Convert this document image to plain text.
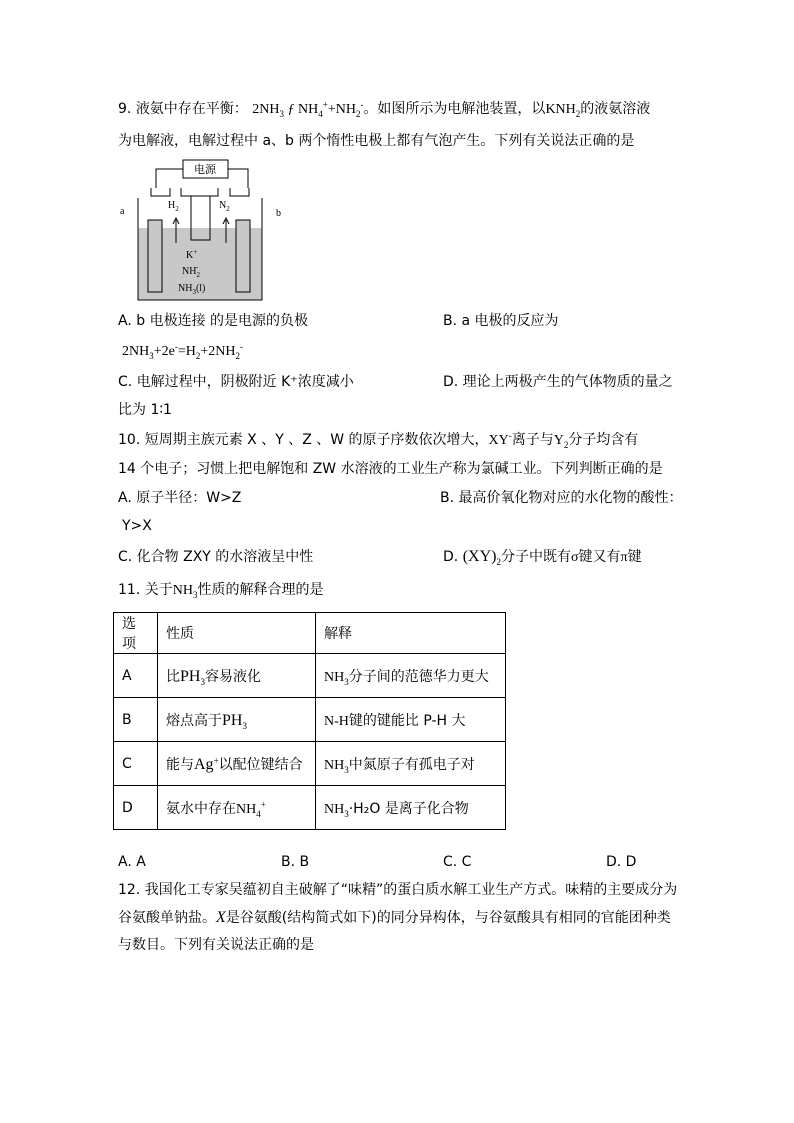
9. 液氨中存在平衡： $2NH_3$ ƒ $NH_4^++NH_2^-$。如图所示为电解池装置，以$KNH_2$的液氨溶液
为电解液，电解过程中 a、b 两个惰性电极上都有气泡产生。下列有关说法正确的是
电源
a	b
$H_2$	$N_2$
K+
$NH_2-$
$NH_3(l)$
A. b 电极连接 的是电源的负极	B. a 电极的反应为
$2NH_3+2e^-=H_2+2NH_2^-$
C. 电解过程中，阴极附近 K⁺浓度减小	D. 理论上两极产生的气体物质的量之
比为 1∶1
10. 短周期主族元素 X 、Y 、Z 、W 的原子序数依次增大，XY-离子与$Y_2$分子均含有
14 个电子；习惯上把电解饱和 ZW 水溶液的工业生产称为氯碱工业。下列判断正确的是
A. 原子半径：W>Z	B. 最高价氧化物对应的水化物的酸性：
Y>X
C. 化合物 ZXY 的水溶液呈中性	D. $(XY)_2$分子中既有σ键又有π键
11. 关于$NH_3$性质的解释合理的是
选项	性质	解释
A	比$PH_3$容易液化	$NH_3$分子间的范德华力更大
B	熔点高于$PH_3$	N-H键的键能比 P-H 大
C	能与Ag+以配位键结合	$NH_3$中氮原子有孤电子对
D	氨水中存在$NH_4^+$	$NH_3\cdot H_2O$ 是离子化合物
A. A	B. B	C. C	D. D
12. 我国化工专家吴蕴初自主破解了“味精”的蛋白质水解工业生产方式。味精的主要成分为
谷氨酸单钠盐。X是谷氨酸(结构简式如下)的同分异构体，与谷氨酸具有相同的官能团种类
与数目。下列有关说法正确的是
